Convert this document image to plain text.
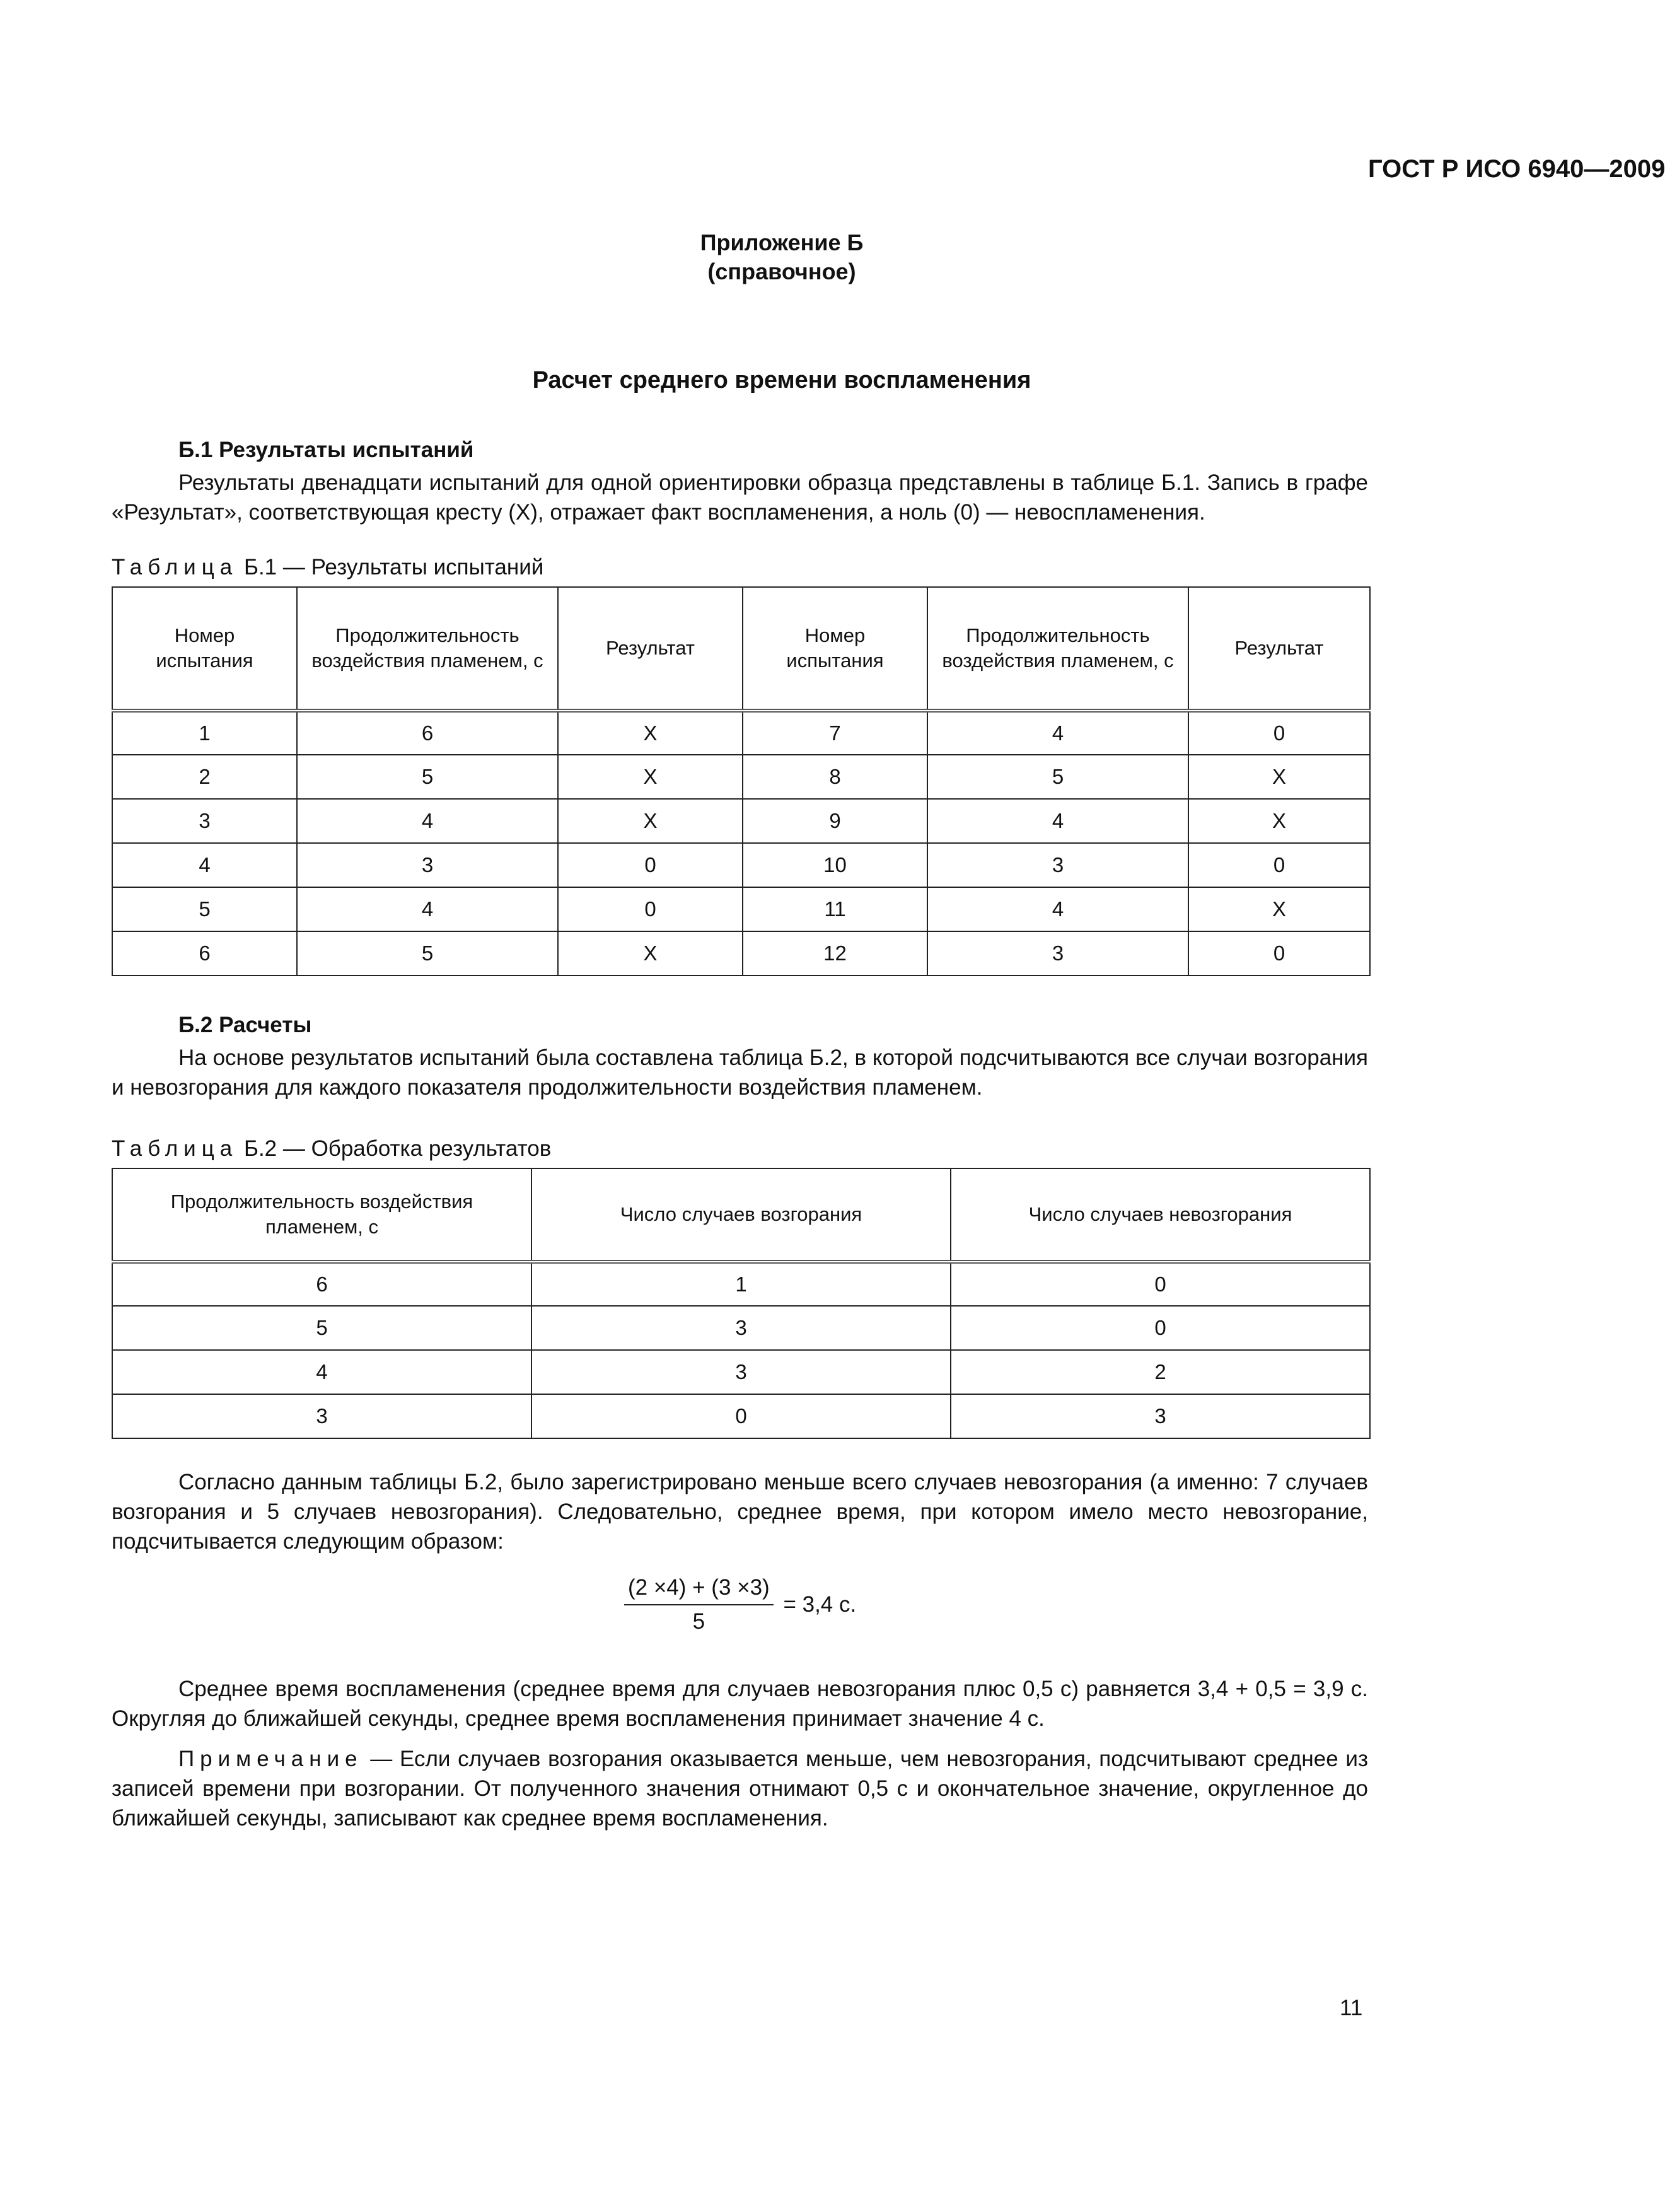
ГОСТ Р ИСО 6940—2009
Приложение Б
(справочное)
Расчет среднего времени воспламенения
Б.1 Результаты испытаний
Результаты двенадцати испытаний для одной ориентировки образца представлены в таблице Б.1. Запись в графе «Результат», соответствующая кресту (X), отражает факт воспламенения, а ноль (0) — невоспламенения.
Таблица Б.1 — Результаты испытаний
Номер испытания	Продолжительность воздействия пламенем, с	Результат	Номер испытания	Продолжительность воздействия пламенем, с	Результат
1	6	X	7	4	0
2	5	X	8	5	X
3	4	X	9	4	X
4	3	0	10	3	0
5	4	0	11	4	X
6	5	X	12	3	0
Б.2 Расчеты
На основе результатов испытаний была составлена таблица Б.2, в которой подсчитываются все случаи возгорания и невозгорания для каждого показателя продолжительности воздействия пламенем.
Таблица Б.2 — Обработка результатов
Продолжительность воздействия пламенем, с	Число случаев возгорания	Число случаев невозгорания
6	1	0
5	3	0
4	3	2
3	0	3
Согласно данным таблицы Б.2, было зарегистрировано меньше всего случаев невозгорания (а именно: 7 случаев возгорания и 5 случаев невозгорания). Следовательно, среднее время, при котором имело место невозгорание, подсчитывается следующим образом:
$\frac{(2 \times 4) + (3 \times 3)}{5} = 3,4$ с.
Среднее время воспламенения (среднее время для случаев невозгорания плюс 0,5 с) равняется 3,4 + 0,5 = 3,9 с. Округляя до ближайшей секунды, среднее время воспламенения принимает значение 4 с.
Примечание — Если случаев возгорания оказывается меньше, чем невозгорания, подсчитывают среднее из записей времени при возгорании. От полученного значения отнимают 0,5 с и окончательное значение, округленное до ближайшей секунды, записывают как среднее время воспламенения.
11
